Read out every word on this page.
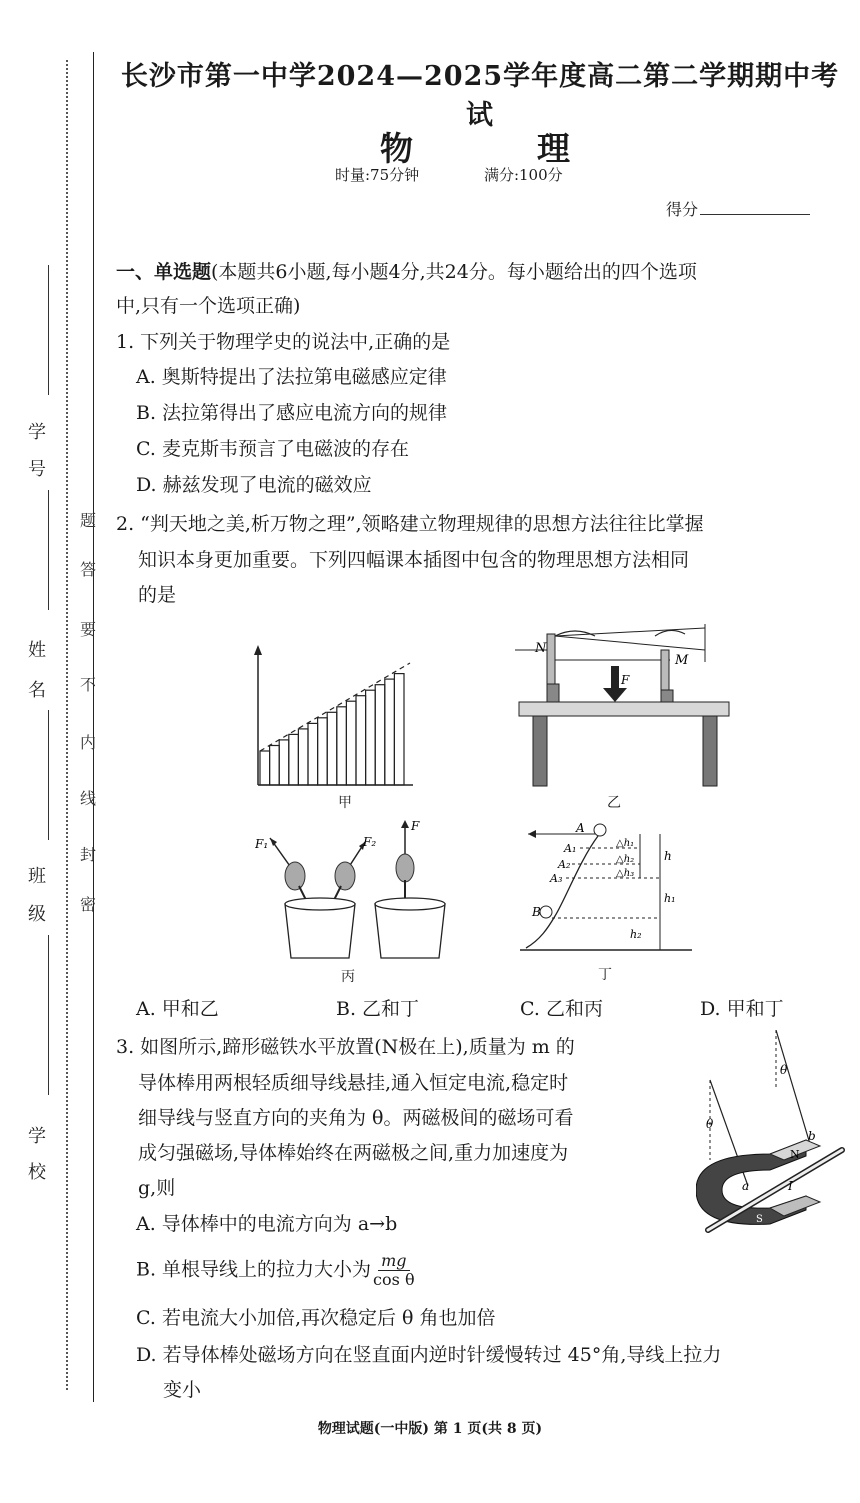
学
号
姓
名
班
级
学
校
题
答
要
不
内
线
封
密
长沙市第一中学2024—2025学年度高二第二学期期中考试
物	理
时量:75分钟	满分:100分
得分
一、单选题(本题共6小题,每小题4分,共24分。每小题给出的四个选项
中,只有一个选项正确)
1. 下列关于物理学史的说法中,正确的是
A. 奥斯特提出了法拉第电磁感应定律
B. 法拉第得出了感应电流方向的规律
C. 麦克斯韦预言了电磁波的存在
D. 赫兹发现了电流的磁效应
2. “判天地之美,析万物之理”,领略建立物理规律的思想方法往往比掌握
知识本身更加重要。下列四幅课本插图中包含的物理思想方法相同
的是
甲
N
M
F
乙
F₁	F₂
F
丙
A
A₁
A₂
A₃
B
△h₁
△h₂
△h₃
h
h₁
h₂
丁
A. 甲和乙	B. 乙和丁	C. 乙和丙	D. 甲和丁
3. 如图所示,蹄形磁铁水平放置(N极在上),质量为 m 的
导体棒用两根轻质细导线悬挂,通入恒定电流,稳定时
细导线与竖直方向的夹角为 θ。两磁极间的磁场可看
成匀强磁场,导体棒始终在两磁极之间,重力加速度为
g,则
θ
θ
a
b
I
N
S
A. 导体棒中的电流方向为 a→b
B. 单根导线上的拉力大小为 $\frac{mg}{\text{cos θ}}$
C. 若电流大小加倍,再次稳定后 θ 角也加倍
D. 若导体棒处磁场方向在竖直面内逆时针缓慢转过 45°角,导线上拉力
变小
物理试题(一中版) 第 1 页(共 8 页)
